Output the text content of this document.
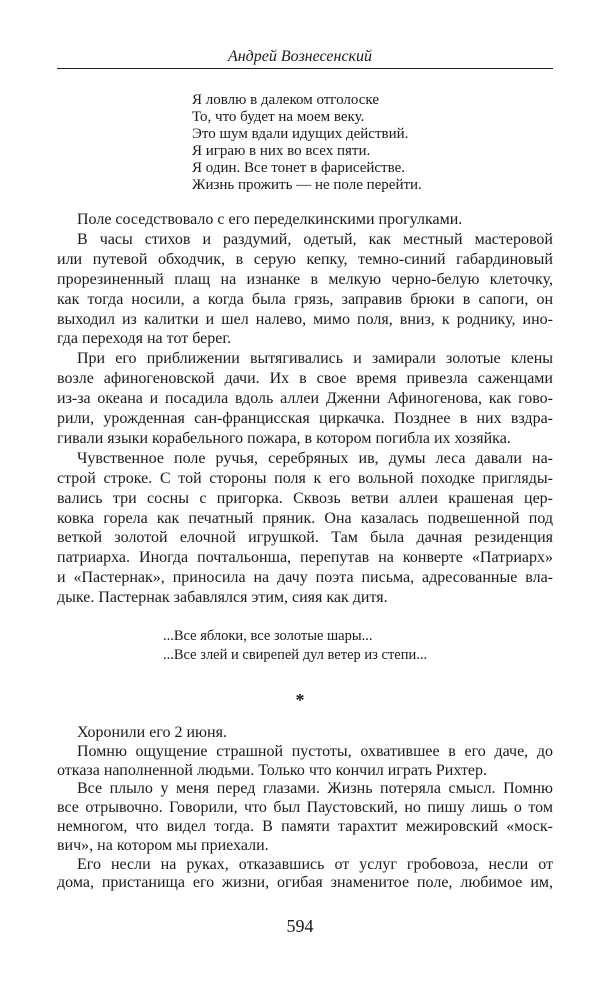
Андрей Вознесенский
Я ловлю в далеком отголоске
То, что будет на моем веку.
Это шум вдали идущих действий.
Я играю в них во всех пяти.
Я один. Все тонет в фарисействе.
Жизнь прожить — не поле перейти.
Поле соседствовало с его переделкинскими прогулками.
В часы стихов и раздумий, одетый, как местный мастеровой
или путевой обходчик, в серую кепку, темно-синий габардиновый
прорезиненный плащ на изнанке в мелкую черно-белую клеточку,
как тогда носили, а когда была грязь, заправив брюки в сапоги, он
выходил из калитки и шел налево, мимо поля, вниз, к роднику, ино-
гда переходя на тот берег.
При его приближении вытягивались и замирали золотые клены
возле афиногеновской дачи. Их в свое время привезла саженцами
из-за океана и посадила вдоль аллеи Дженни Афиногенова, как гово-
рили, урожденная сан-францисская циркачка. Позднее в них вздра-
гивали языки корабельного пожара, в котором погибла их хозяйка.
Чувственное поле ручья, серебряных ив, думы леса давали на-
строй строке. С той стороны поля к его вольной походке пригляды-
вались три сосны с пригорка. Сквозь ветви аллеи крашеная цер-
ковка горела как печатный пряник. Она казалась подвешенной под
веткой золотой елочной игрушкой. Там была дачная резиденция
патриарха. Иногда почтальонша, перепутав на конверте «Патриарх»
и «Пастернак», приносила на дачу поэта письма, адресованные вла-
дыке. Пастернак забавлялся этим, сияя как дитя.
...Все яблоки, все золотые шары...
...Все злей и свирепей дул ветер из степи...
*
Хоронили его 2 июня.
Помню ощущение страшной пустоты, охватившее в его даче, до
отказа наполненной людьми. Только что кончил играть Рихтер.
Все плыло у меня перед глазами. Жизнь потеряла смысл. Помню
все отрывочно. Говорили, что был Паустовский, но пишу лишь о том
немногом, что видел тогда. В памяти тарахтит межировский «моск-
вич», на котором мы приехали.
Его несли на руках, отказавшись от услуг гробовоза, несли от
дома, пристанища его жизни, огибая знаменитое поле, любимое им,
594
